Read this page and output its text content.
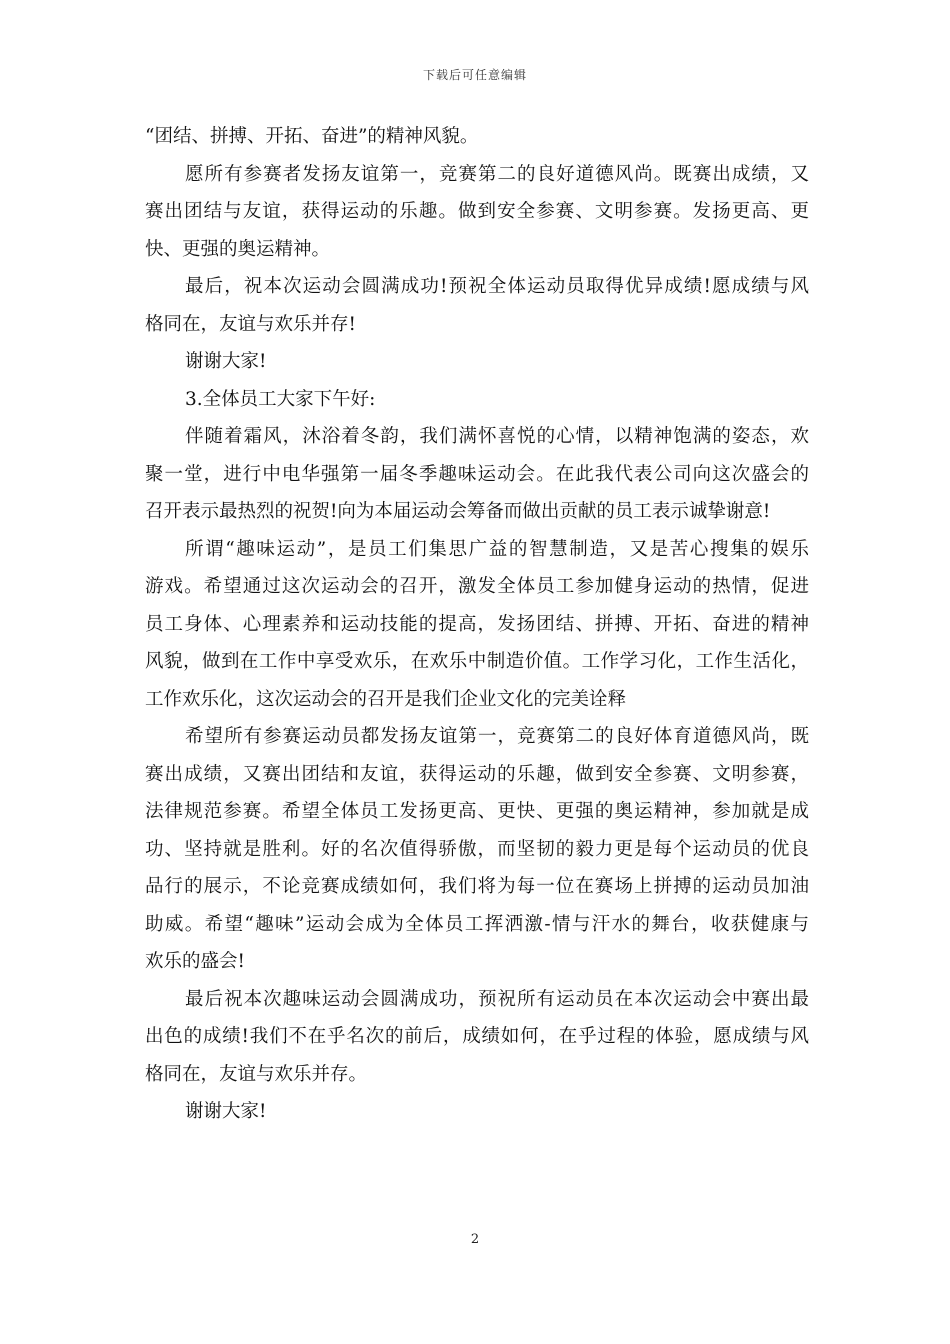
下载后可任意编辑
“团结、拼搏、开拓、奋进”的精神风貌。
愿所有参赛者发扬友谊第一，竞赛第二的良好道德风尚。既赛出成绩，又
赛出团结与友谊，获得运动的乐趣。做到安全参赛、文明参赛。发扬更高、更
快、更强的奥运精神。
最后，祝本次运动会圆满成功!预祝全体运动员取得优异成绩!愿成绩与风
格同在，友谊与欢乐并存!
谢谢大家!
3.全体员工大家下午好:
伴随着霜风，沐浴着冬韵，我们满怀喜悦的心情，以精神饱满的姿态，欢
聚一堂，进行中电华强第一届冬季趣味运动会。在此我代表公司向这次盛会的
召开表示最热烈的祝贺!向为本届运动会筹备而做出贡献的员工表示诚挚谢意!
所谓“趣味运动”，是员工们集思广益的智慧制造，又是苦心搜集的娱乐
游戏。希望通过这次运动会的召开，激发全体员工参加健身运动的热情，促进
员工身体、心理素养和运动技能的提高，发扬团结、拼搏、开拓、奋进的精神
风貌，做到在工作中享受欢乐，在欢乐中制造价值。工作学习化，工作生活化，
工作欢乐化，这次运动会的召开是我们企业文化的完美诠释
希望所有参赛运动员都发扬友谊第一，竞赛第二的良好体育道德风尚，既
赛出成绩，又赛出团结和友谊，获得运动的乐趣，做到安全参赛、文明参赛，
法律规范参赛。希望全体员工发扬更高、更快、更强的奥运精神，参加就是成
功、坚持就是胜利。好的名次值得骄傲，而坚韧的毅力更是每个运动员的优良
品行的展示，不论竞赛成绩如何，我们将为每一位在赛场上拼搏的运动员加油
助威。希望“趣味”运动会成为全体员工挥洒激-情与汗水的舞台，收获健康与
欢乐的盛会!
最后祝本次趣味运动会圆满成功，预祝所有运动员在本次运动会中赛出最
出色的成绩!我们不在乎名次的前后，成绩如何，在乎过程的体验，愿成绩与风
格同在，友谊与欢乐并存。
谢谢大家!
2
